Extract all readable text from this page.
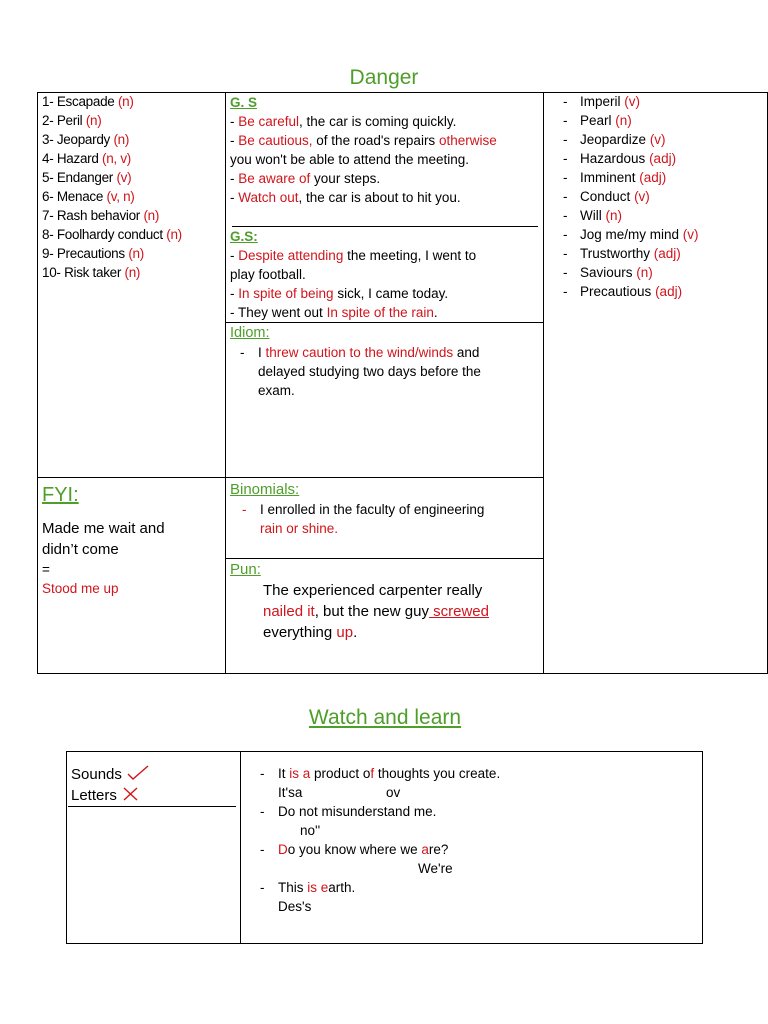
Danger
1- Escapade (n)
2- Peril (n)
3- Jeopardy (n)
4- Hazard (n, v)
5- Endanger (v)
6- Menace (v, n)
7- Rash behavior (n)
8- Foolhardy conduct (n)
9- Precautions (n)
10- Risk taker (n)
G. S
- Be careful, the car is coming quickly.
- Be cautious, of the road's repairs otherwise
you won't be able to attend the meeting.
- Be aware of your steps.
- Watch out, the car is about to hit you.
G.S:
- Despite attending the meeting, I went to
play football.
- In spite of being sick, I came today.
- They went out In spite of the rain.
Idiom:
- I threw caution to the wind/winds and
delayed studying two days before the
exam.
FYI:
Made me wait and
didn’t come
=
Stood me up
Binomials:
- I enrolled in the faculty of engineering
rain or shine.
Pun:
The experienced carpenter really
nailed it, but the new guy screwed
everything up.
- Imperil (v)
- Pearl (n)
- Jeopardize (v)
- Hazardous (adj)
- Imminent (adj)
- Conduct (v)
- Will (n)
- Jog me/my mind (v)
- Trustworthy (adj)
- Saviours (n)
- Precautious (adj)
Watch and learn
Sounds
Letters
- It is a product of thoughts you create.
It'sa	ov
- Do not misunderstand me.
no''
- Do you know where we are?
We're
- This is earth.
Des's
